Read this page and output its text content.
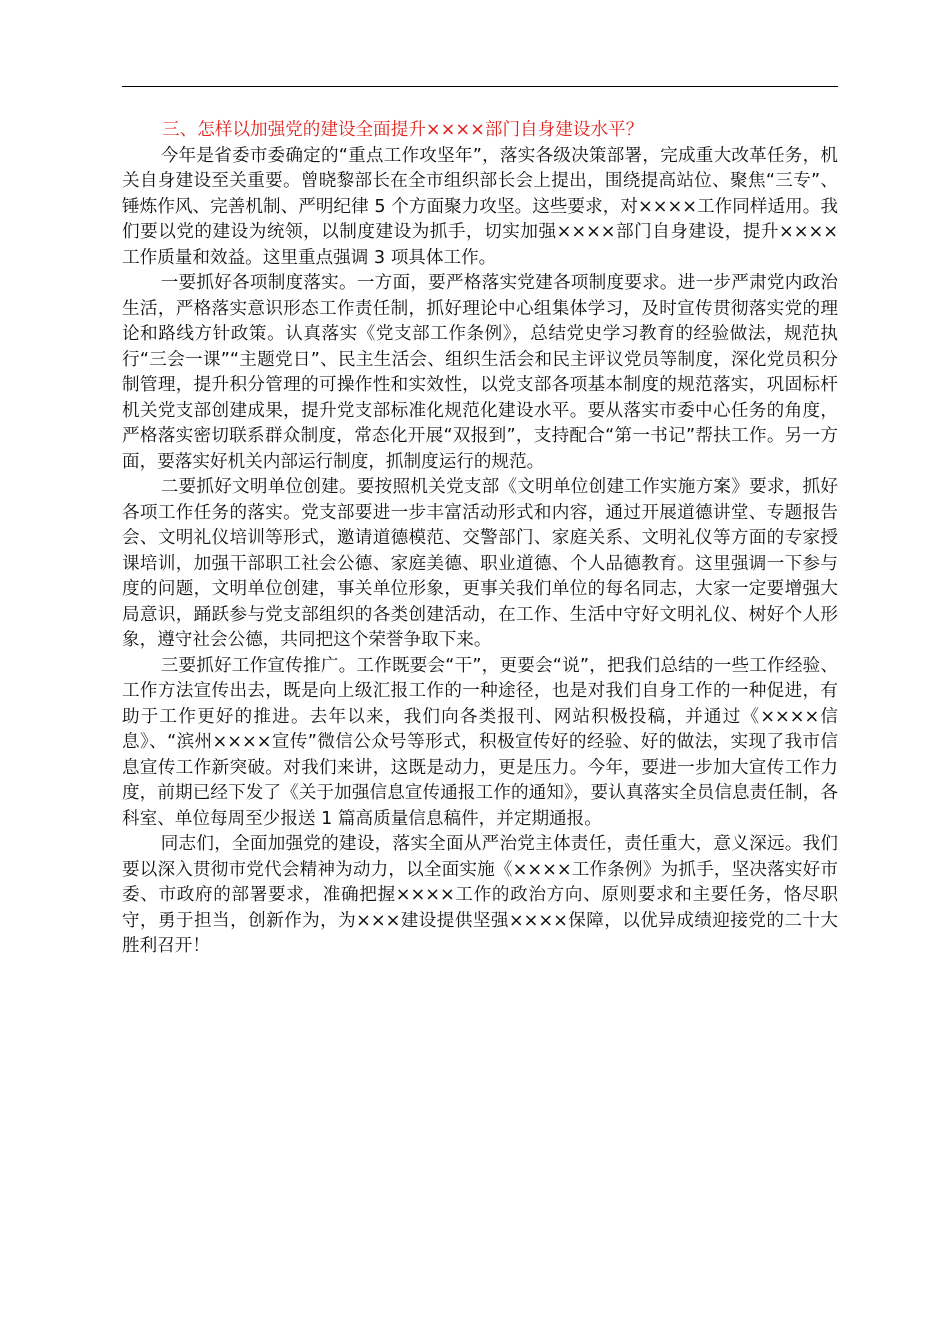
三、怎样以加强党的建设全面提升××××部门自身建设水平？

今年是省委市委确定的“重点工作攻坚年”，落实各级决策部署，完成重大改革任务，机关自身建设至关重要。曾晓黎部长在全市组织部长会上提出，围绕提高站位、聚焦“三专”、锤炼作风、完善机制、严明纪律 5 个方面聚力攻坚。这些要求，对××××工作同样适用。我们要以党的建设为统领，以制度建设为抓手，切实加强××××部门自身建设，提升××××工作质量和效益。这里重点强调 3 项具体工作。

一要抓好各项制度落实。一方面，要严格落实党建各项制度要求。进一步严肃党内政治生活，严格落实意识形态工作责任制，抓好理论中心组集体学习，及时宣传贯彻落实党的理论和路线方针政策。认真落实《党支部工作条例》，总结党史学习教育的经验做法，规范执行“三会一课”“主题党日”、民主生活会、组织生活会和民主评议党员等制度，深化党员积分制管理，提升积分管理的可操作性和实效性，以党支部各项基本制度的规范落实，巩固标杆机关党支部创建成果，提升党支部标准化规范化建设水平。要从落实市委中心任务的角度，严格落实密切联系群众制度，常态化开展“双报到”，支持配合“第一书记”帮扶工作。另一方面，要落实好机关内部运行制度，抓制度运行的规范。

二要抓好文明单位创建。要按照机关党支部《文明单位创建工作实施方案》要求，抓好各项工作任务的落实。党支部要进一步丰富活动形式和内容，通过开展道德讲堂、专题报告会、文明礼仪培训等形式，邀请道德模范、交警部门、家庭关系、文明礼仪等方面的专家授课培训，加强干部职工社会公德、家庭美德、职业道德、个人品德教育。这里强调一下参与度的问题，文明单位创建，事关单位形象，更事关我们单位的每名同志，大家一定要增强大局意识，踊跃参与党支部组织的各类创建活动，在工作、生活中守好文明礼仪、树好个人形象，遵守社会公德，共同把这个荣誉争取下来。

三要抓好工作宣传推广。工作既要会“干”，更要会“说”，把我们总结的一些工作经验、工作方法宣传出去，既是向上级汇报工作的一种途径，也是对我们自身工作的一种促进，有助于工作更好的推进。去年以来，我们向各类报刊、网站积极投稿，并通过《××××信息》、“滨州××××宣传”微信公众号等形式，积极宣传好的经验、好的做法，实现了我市信息宣传工作新突破。对我们来讲，这既是动力，更是压力。今年，要进一步加大宣传工作力度，前期已经下发了《关于加强信息宣传通报工作的通知》，要认真落实全员信息责任制，各科室、单位每周至少报送 1 篇高质量信息稿件，并定期通报。

同志们，全面加强党的建设，落实全面从严治党主体责任，责任重大，意义深远。我们要以深入贯彻市党代会精神为动力，以全面实施《××××工作条例》为抓手，坚决落实好市委、市政府的部署要求，准确把握××××工作的政治方向、原则要求和主要任务，恪尽职守，勇于担当，创新作为，为×××建设提供坚强××××保障，以优异成绩迎接党的二十大胜利召开！
